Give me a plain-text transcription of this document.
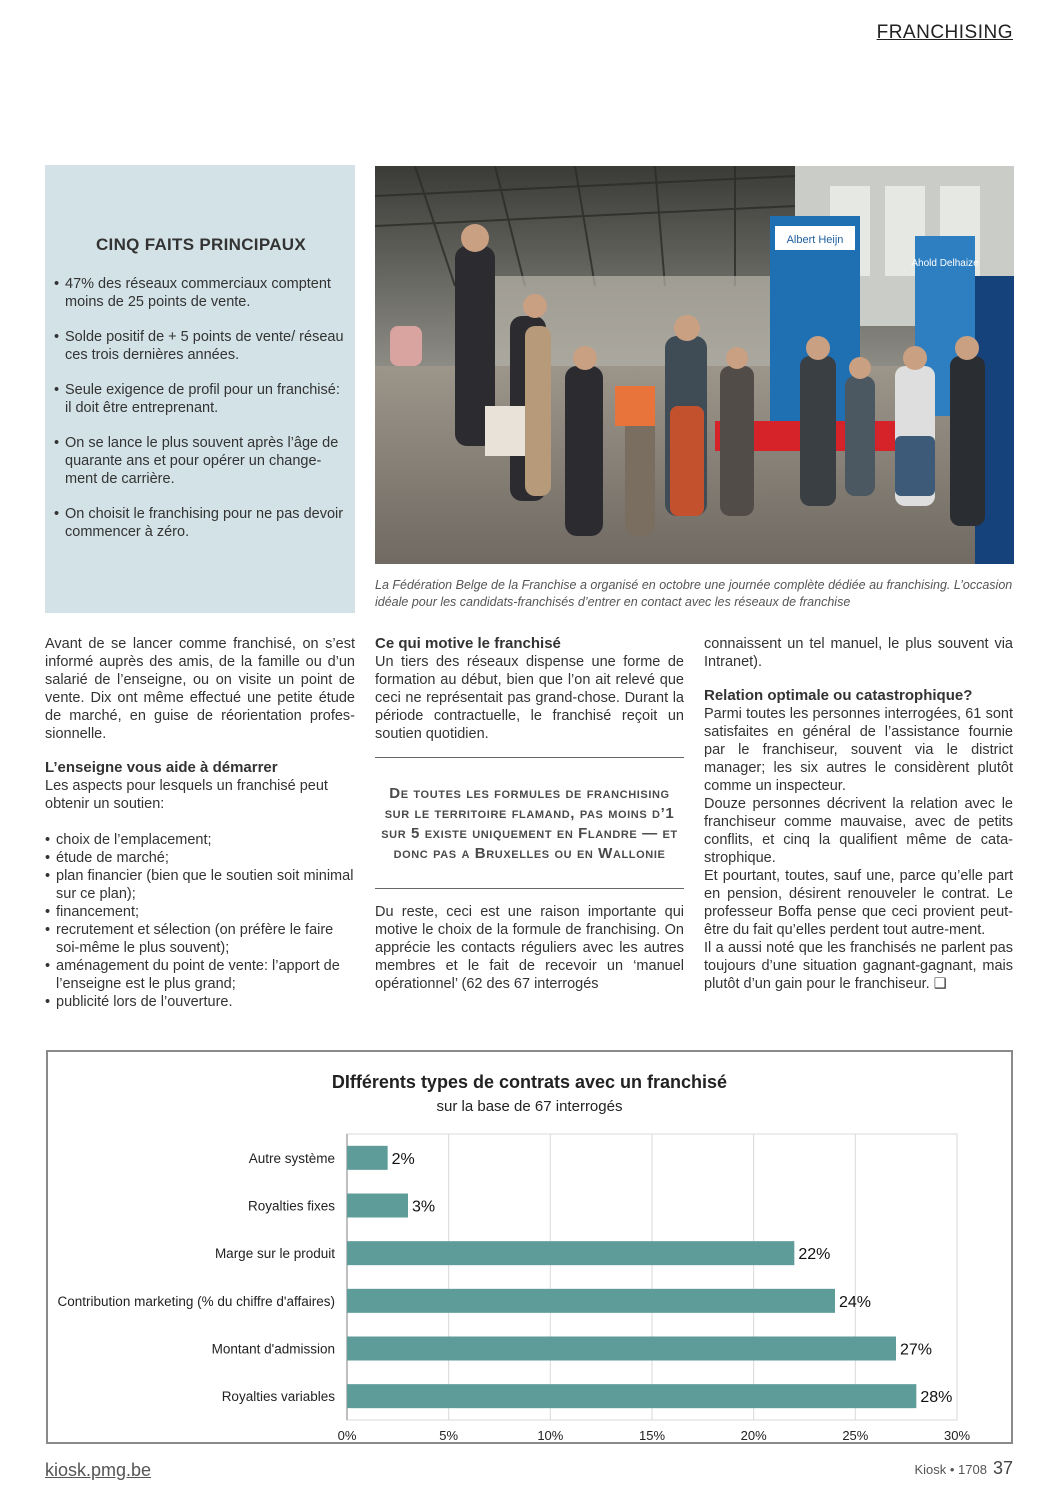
FRANCHISING
CINQ FAITS PRINCIPAUX
• 47% des réseaux commerciaux comptent moins de 25 points de vente.
• Solde positif de + 5 points de vente/ réseau ces trois dernières années.
• Seule exigence de profil pour un franchisé: il doit être entreprenant.
• On se lance le plus souvent après l’âge de quarante ans et pour opérer un change-ment de carrière.
• On choisit le franchising pour ne pas devoir commencer à zéro.
Albert Heijn
Ahold Delhaize
La Fédération Belge de la Franchise a organisé en octobre une journée complète dédiée au franchising. L’occasion idéale pour les candidats-franchisés d’entrer en contact avec les réseaux de franchise

Avant de se lancer comme franchisé, on s’est informé auprès des amis, de la famille ou d’un salarié de l’enseigne, ou on visite un point de vente. Dix ont même effectué une petite étude de marché, en guise de réorientation profes-sionnelle.

L’enseigne vous aide à démarrer

Les aspects pour lesquels un franchisé peut obtenir un soutien:

• choix de l’emplacement;
• étude de marché;
• plan financier (bien que le soutien soit minimal sur ce plan);
• financement;
• recrutement et sélection (on préfère le faire soi-même le plus souvent);
• aménagement du point de vente: l’apport de l’enseigne est le plus grand;
• publicité lors de l’ouverture.
Ce qui motive le franchisé

Un tiers des réseaux dispense une forme de formation au début, bien que l’on ait relevé que ceci ne représentait pas grand-chose. Durant la période contractuelle, le franchisé reçoit un soutien quotidien.

De toutes les formules de franchising sur le territoire flamand, pas moins d’1 sur 5 existe uniquement en Flandre — et donc pas a Bruxelles ou en Wallonie

Du reste, ceci est une raison importante qui motive le choix de la formule de franchising. On apprécie les contacts réguliers avec les autres membres et le fait de recevoir un ‘manuel opérationnel’ (62 des 67 interrogés

connaissent un tel manuel, le plus souvent via Intranet).

Relation optimale ou catastrophique?

Parmi toutes les personnes interrogées, 61 sont satisfaites en général de l’assistance fournie par le franchiseur, souvent via le district manager; les six autres le considèrent plutôt comme un inspecteur.

Douze personnes décrivent la relation avec le franchiseur comme mauvaise, avec de petits conflits, et cinq la qualifient même de cata-strophique.

Et pourtant, toutes, sauf une, parce qu’elle part en pension, désirent renouveler le contrat. Le professeur Boffa pense que ceci provient peut-être du fait qu’elles perdent tout autre-ment.

Il a aussi noté que les franchisés ne parlent pas toujours d’une situation gagnant-gagnant, mais plutôt d’un gain pour le franchiseur. ❑

DIfférents types de contrats avec un franchisé
sur la base de 67 interrogés
0%	5%	10%	15%	20%	25%	30%
Autre système	2%
Royalties fixes	3%
Marge sur le produit	22%
Contribution marketing (% du chiffre d'affaires)	24%
Montant d'admission	27%
Royalties variables	28%
kiosk.pmg.be	Kiosk • 1708 37
